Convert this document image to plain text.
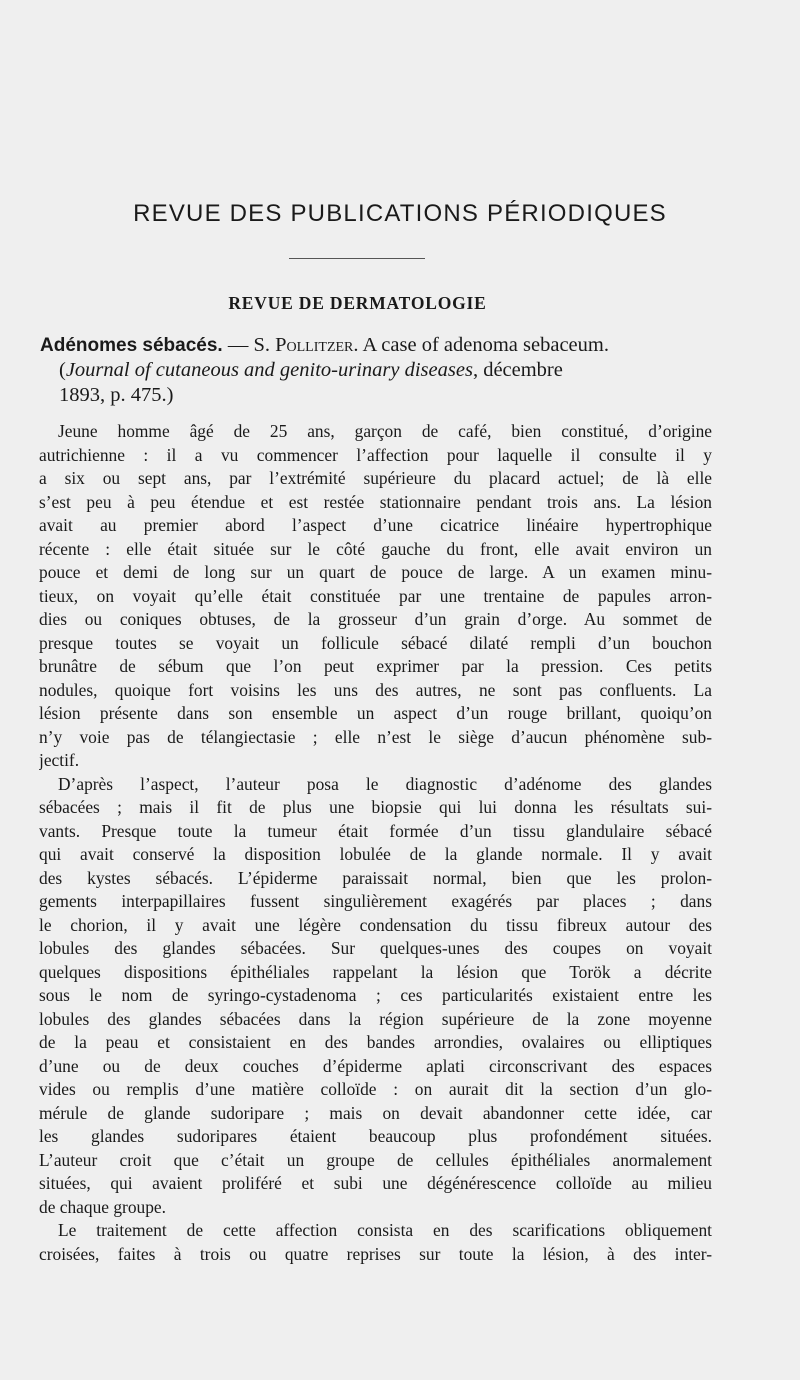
REVUE DES PUBLICATIONS PÉRIODIQUES
REVUE DE DERMATOLOGIE
Adénomes sébacés. — S. Pollitzer. A case of adenoma sebaceum.
(Journal of cutaneous and genito-urinary diseases, décembre
1893, p. 475.)
Jeune homme âgé de 25 ans, garçon de café, bien constitué, d’origine
autrichienne : il a vu commencer l’affection pour laquelle il consulte il y
a six ou sept ans, par l’extrémité supérieure du placard actuel; de là elle
s’est peu à peu étendue et est restée stationnaire pendant trois ans. La lésion
avait au premier abord l’aspect d’une cicatrice linéaire hypertrophique
récente : elle était située sur le côté gauche du front, elle avait environ un
pouce et demi de long sur un quart de pouce de large. A un examen minu-
tieux, on voyait qu’elle était constituée par une trentaine de papules arron-
dies ou coniques obtuses, de la grosseur d’un grain d’orge. Au sommet de
presque toutes se voyait un follicule sébacé dilaté rempli d’un bouchon
brunâtre de sébum que l’on peut exprimer par la pression. Ces petits
nodules, quoique fort voisins les uns des autres, ne sont pas confluents. La
lésion présente dans son ensemble un aspect d’un rouge brillant, quoiqu’on
n’y voie pas de télangiectasie ; elle n’est le siège d’aucun phénomène sub-
jectif.
D’après l’aspect, l’auteur posa le diagnostic d’adénome des glandes
sébacées ; mais il fit de plus une biopsie qui lui donna les résultats sui-
vants. Presque toute la tumeur était formée d’un tissu glandulaire sébacé
qui avait conservé la disposition lobulée de la glande normale. Il y avait
des kystes sébacés. L’épiderme paraissait normal, bien que les prolon-
gements interpapillaires fussent singulièrement exagérés par places ; dans
le chorion, il y avait une légère condensation du tissu fibreux autour des
lobules des glandes sébacées. Sur quelques-unes des coupes on voyait
quelques dispositions épithéliales rappelant la lésion que Torök a décrite
sous le nom de syringo-cystadenoma ; ces particularités existaient entre les
lobules des glandes sébacées dans la région supérieure de la zone moyenne
de la peau et consistaient en des bandes arrondies, ovalaires ou elliptiques
d’une ou de deux couches d’épiderme aplati circonscrivant des espaces
vides ou remplis d’une matière colloïde : on aurait dit la section d’un glo-
mérule de glande sudoripare ; mais on devait abandonner cette idée, car
les glandes sudoripares étaient beaucoup plus profondément situées.
L’auteur croit que c’était un groupe de cellules épithéliales anormalement
situées, qui avaient proliféré et subi une dégénérescence colloïde au milieu
de chaque groupe.
Le traitement de cette affection consista en des scarifications obliquement
croisées, faites à trois ou quatre reprises sur toute la lésion, à des inter-
